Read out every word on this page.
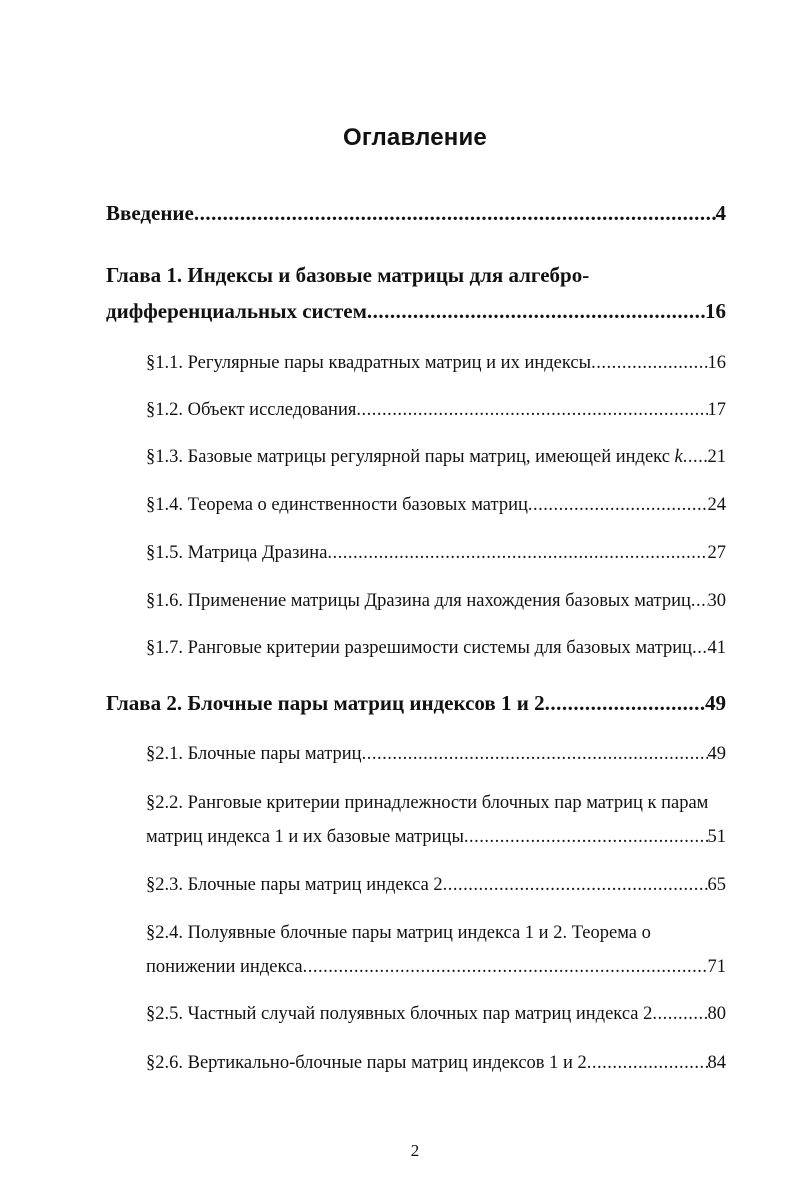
Оглавление
Введение .....	4
Глава 1. Индексы и базовые матрицы для алгебро-
дифференциальных систем .....	16
§1.1. Регулярные пары квадратных матриц и их индексы .....	16
§1.2. Объект исследования .....	17
§1.3. Базовые матрицы регулярной пары матриц, имеющей индекс k ..... 21
§1.4. Теорема о единственности базовых матриц .....	24
§1.5. Матрица Дразина .....	27
§1.6. Применение матрицы Дразина для нахождения базовых матриц ..... 30
§1.7. Ранговые критерии разрешимости системы для базовых матриц ..... 41
Глава 2. Блочные пары матриц индексов 1 и 2 .....	49
§2.1. Блочные пары матриц .....	49
§2.2. Ранговые критерии принадлежности блочных пар матриц к парам
матриц индекса 1 и их базовые матрицы .....	51
§2.3. Блочные пары матриц индекса 2 .....	65
§2.4. Полуявные блочные пары матриц индекса 1 и 2. Теорема о
понижении индекса .....	71
§2.5. Частный случай полуявных блочных пар матриц индекса 2 .....	80
§2.6. Вертикально-блочные пары матриц индексов 1 и 2 .....	84
2
